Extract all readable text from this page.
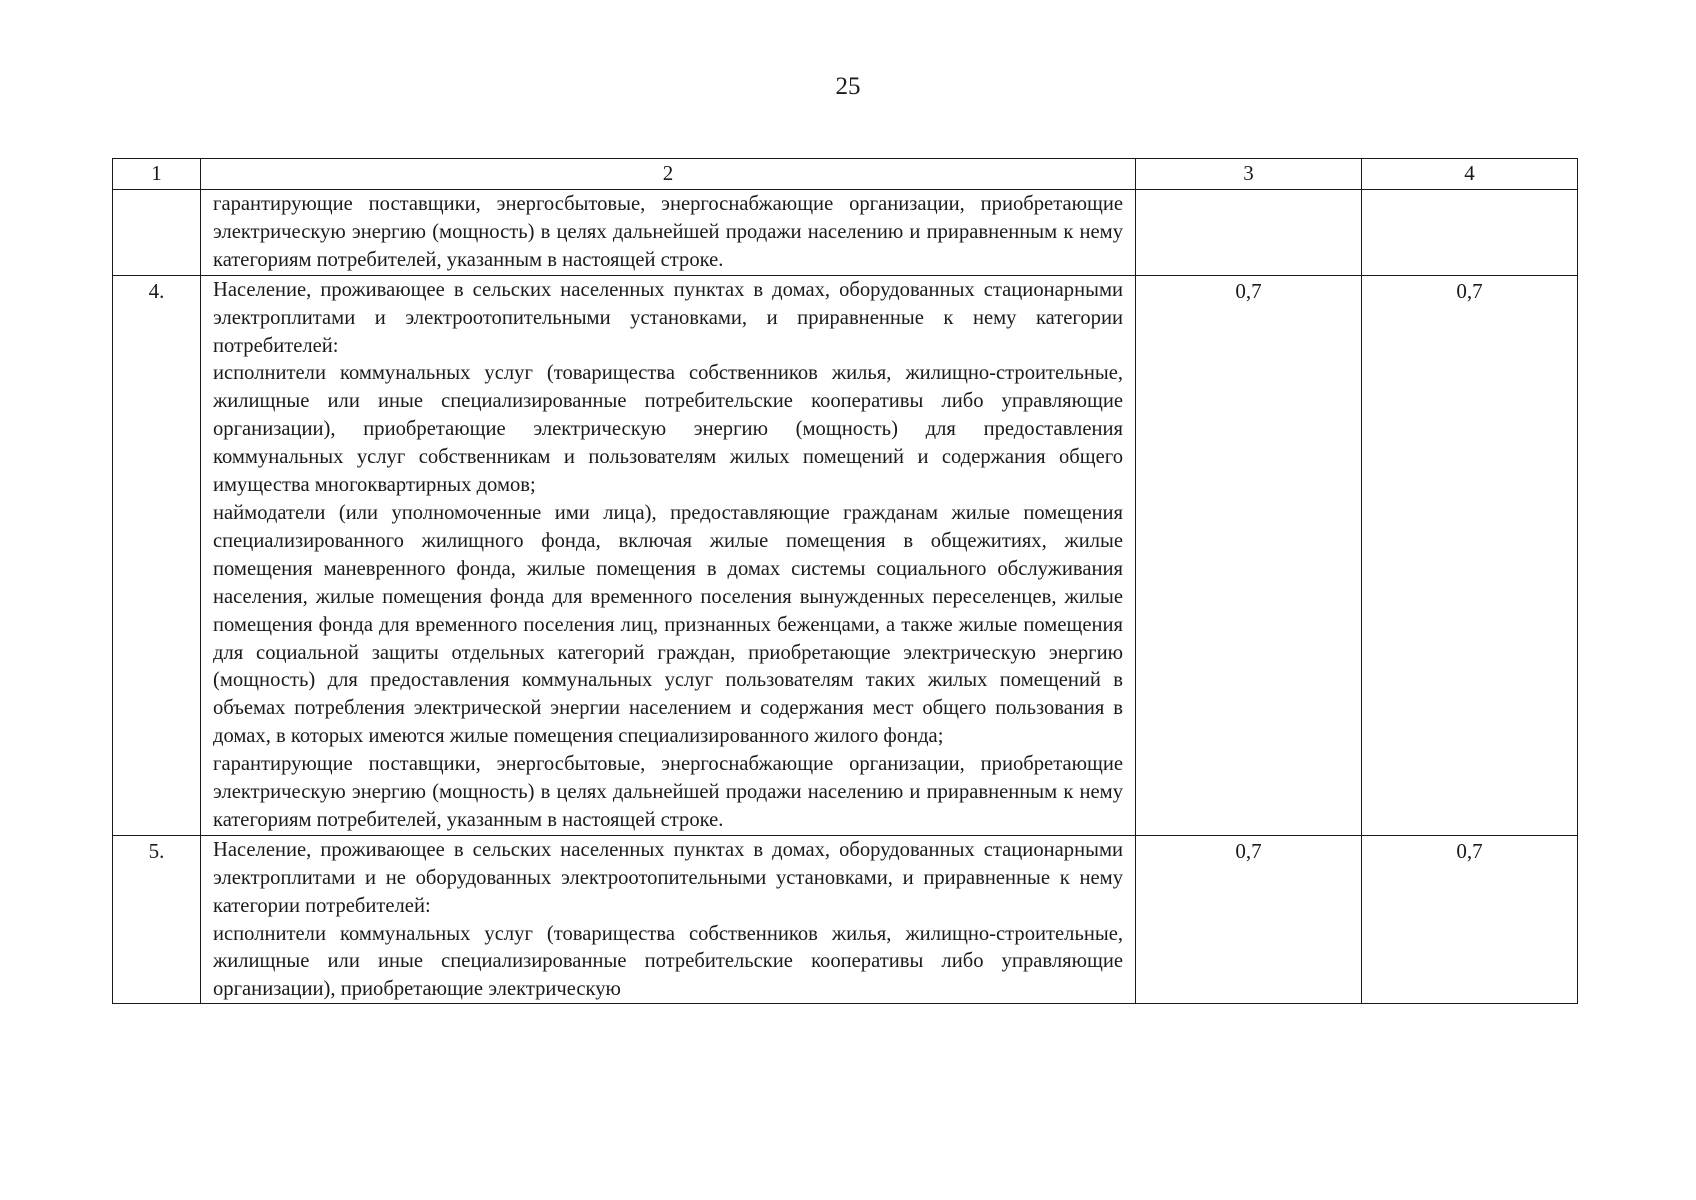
25
1	2	3	4

	гарантирующие поставщики, энергосбытовые, энергоснабжающие организации, приобретающие электрическую энергию (мощность) в целях дальнейшей продажи населению и приравненным к нему категориям потребителей, указанным в настоящей строке.		

4.	Население, проживающее в сельских населенных пунктах в домах, оборудованных стационарными электроплитами и электроотопительными установками, и приравненные к нему категории потребителей:
исполнители коммунальных услуг (товарищества собственников жилья, жилищно-строительные, жилищные или иные специализированные потребительские кооперативы либо управляющие организации), приобретающие электрическую энергию (мощность) для предоставления коммунальных услуг собственникам и пользователям жилых помещений и содержания общего имущества многоквартирных домов;
наймодатели (или уполномоченные ими лица), предоставляющие гражданам жилые помещения специализированного жилищного фонда, включая жилые помещения в общежитиях, жилые помещения маневренного фонда, жилые помещения в домах системы социального обслуживания населения, жилые помещения фонда для временного поселения вынужденных переселенцев, жилые помещения фонда для временного поселения лиц, признанных беженцами, а также жилые помещения для социальной защиты отдельных категорий граждан, приобретающие электрическую энергию (мощность) для предоставления коммунальных услуг пользователям таких жилых помещений в объемах потребления электрической энергии населением и содержания мест общего пользования в домах, в которых имеются жилые помещения специализированного жилого фонда;
гарантирующие поставщики, энергосбытовые, энергоснабжающие организации, приобретающие электрическую энергию (мощность) в целях дальнейшей продажи населению и приравненным к нему категориям потребителей, указанным в настоящей строке.	0,7	0,7
5.	Население, проживающее в сельских населенных пунктах в домах, оборудованных стационарными электроплитами и не оборудованных электроотопительными установками, и приравненные к нему категории потребителей:
исполнители коммунальных услуг (товарищества собственников жилья, жилищно-строительные, жилищные или иные специализированные потребительские кооперативы либо управляющие организации), приобретающие электрическую	0,7	0,7
